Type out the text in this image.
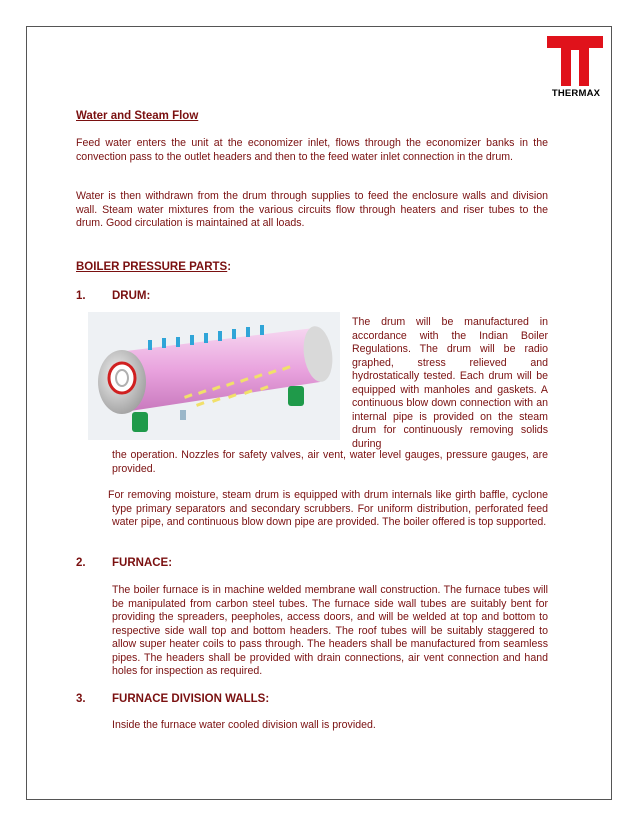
THERMAX

Water and Steam Flow

Feed water enters the unit at the economizer inlet, flows through the economizer banks in the convection pass to the outlet headers and then to the feed water inlet connection in the drum.

Water is then withdrawn from the drum through supplies to feed the enclosure walls and division wall. Steam water mixtures from the various circuits flow through heaters and riser tubes to the drum. Good circulation is maintained at all loads.

BOILER PRESSURE PARTS:

1. DRUM:

The drum will be manufactured in accordance with the Indian Boiler Regulations. The drum will be radio graphed, stress relieved and hydrostatically tested. Each drum will be equipped with manholes and gaskets. A continuous blow down connection with an internal pipe is provided on the steam drum for continuously removing solids during

the operation. Nozzles for safety valves, air vent, water level gauges, pressure gauges, are provided.

For removing moisture, steam drum is equipped with drum internals like girth baffle, cyclone type primary separators and secondary scrubbers. For uniform distribution, perforated feed water pipe, and continuous blow down pipe are provided. The boiler offered is top supported.

2. FURNACE:

The boiler furnace is in machine welded membrane wall construction. The furnace tubes will be manipulated from carbon steel tubes. The furnace side wall tubes are suitably bent for providing the spreaders, peepholes, access doors, and will be welded at top and bottom to respective side wall top and bottom headers. The roof tubes will be suitably staggered to allow super heater coils to pass through. The headers shall be manufactured from seamless pipes. The headers shall be provided with drain connections, air vent connection and hand holes for inspection as required.

3. FURNACE DIVISION WALLS:

Inside the furnace water cooled division wall is provided.
